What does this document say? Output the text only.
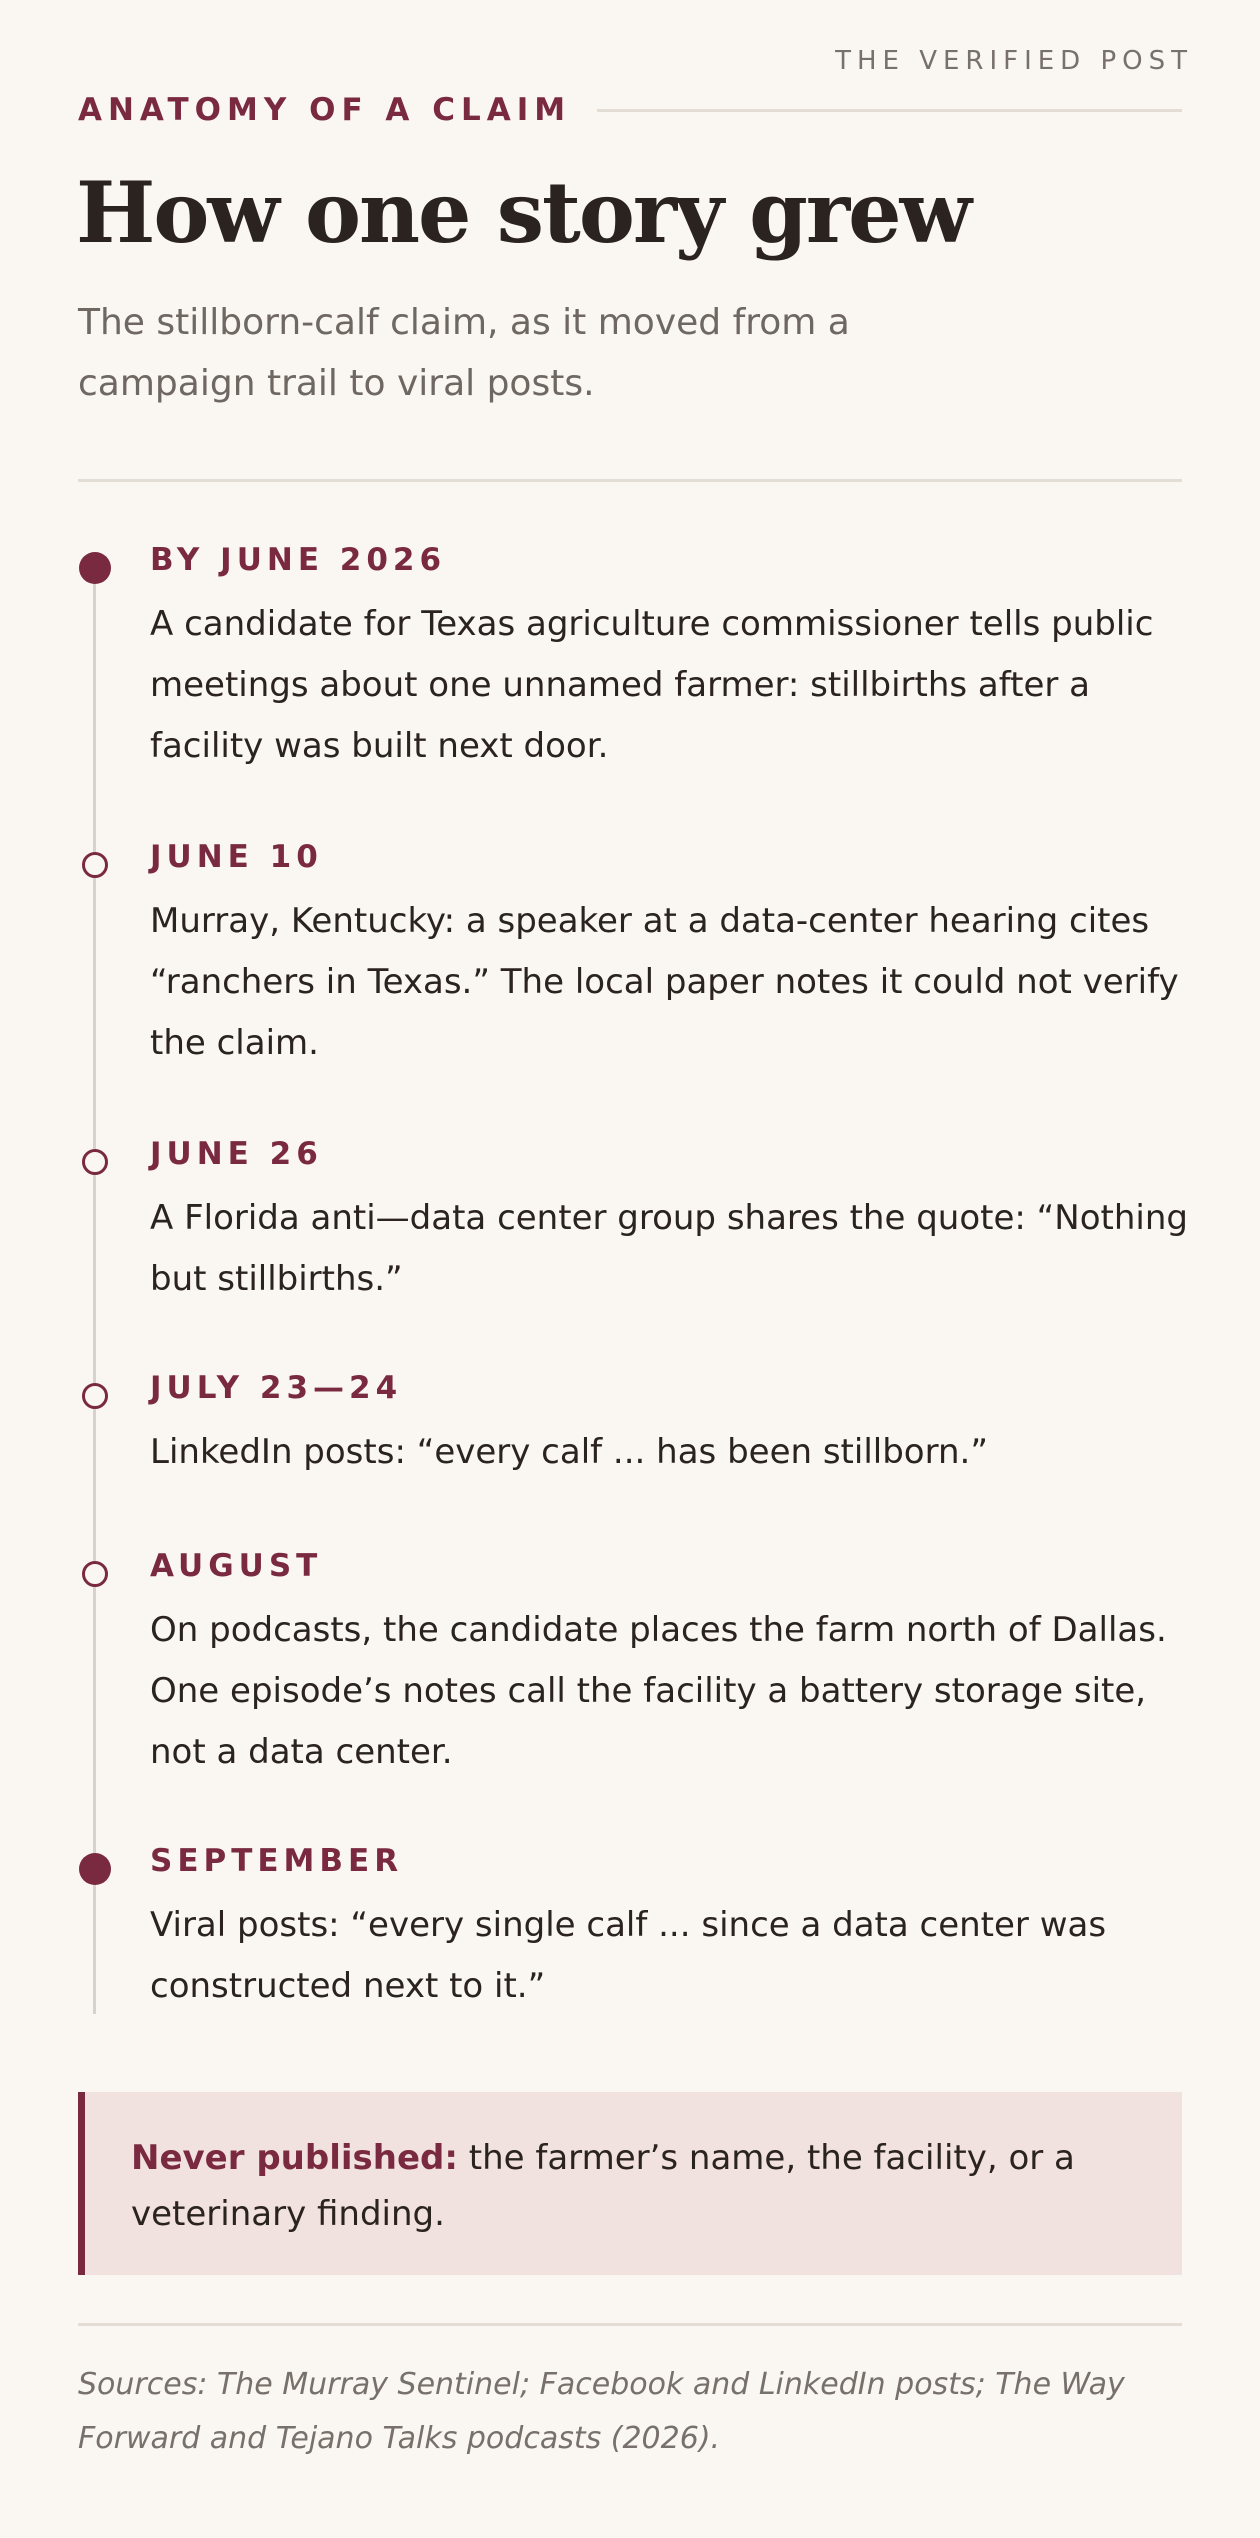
THE VERIFIED POST
ANATOMY OF A CLAIM
How one story grew

The stillborn-calf claim, as it moved from a campaign trail to viral posts.

BY JUNE 2026
A candidate for Texas agriculture commissioner tells public meetings about one unnamed farmer: stillbirths after a facility was built next door.
JUNE 10
Murray, Kentucky: a speaker at a data-center hearing cites “ranchers in Texas.” The local paper notes it could not verify the claim.
JUNE 26
A Florida anti—data center group shares the quote: “Nothing but stillbirths.”
JULY 23—24
LinkedIn posts: “every calf ... has been stillborn.”
AUGUST
On podcasts, the candidate places the farm north of Dallas. One episode’s notes call the facility a battery storage site, not a data center.
SEPTEMBER
Viral posts: “every single calf ... since a data center was constructed next to it.”
Never published: the farmer’s name, the facility, or a veterinary finding.

Sources: The Murray Sentinel; Facebook and LinkedIn posts; The Way Forward and Tejano Talks podcasts (2026).
